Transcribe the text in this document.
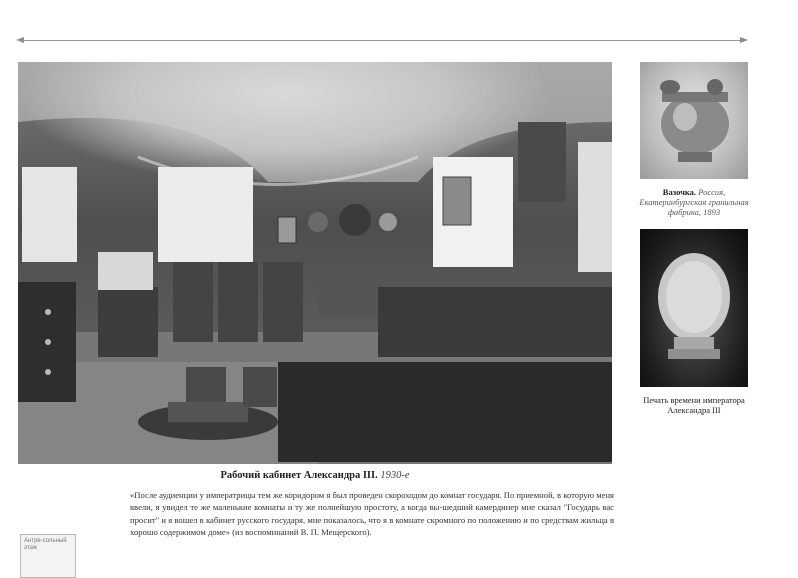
Рабочий кабинет Александра III. 1930-е
Вазочка. Россия, Екатеринбургская гранильная фабрика, 1893
Печать времени императора Александра III
«После аудиенции у императрицы тем же коридором я был проведен скороходом до комнат государя. По приемной, в которую меня ввели, я увидел те же маленькие комнаты и ту же полнейшую простоту, а когда вы-шедший камердинер мне сказал "Государь вас просит" и я вошел в кабинет русского государя, мне показалось, что я в комнате скромного по положению и по средствам жильца в хорошо содержимом доме» (из воспоминаний В. П. Мещерского).
Антре-сольный этаж
